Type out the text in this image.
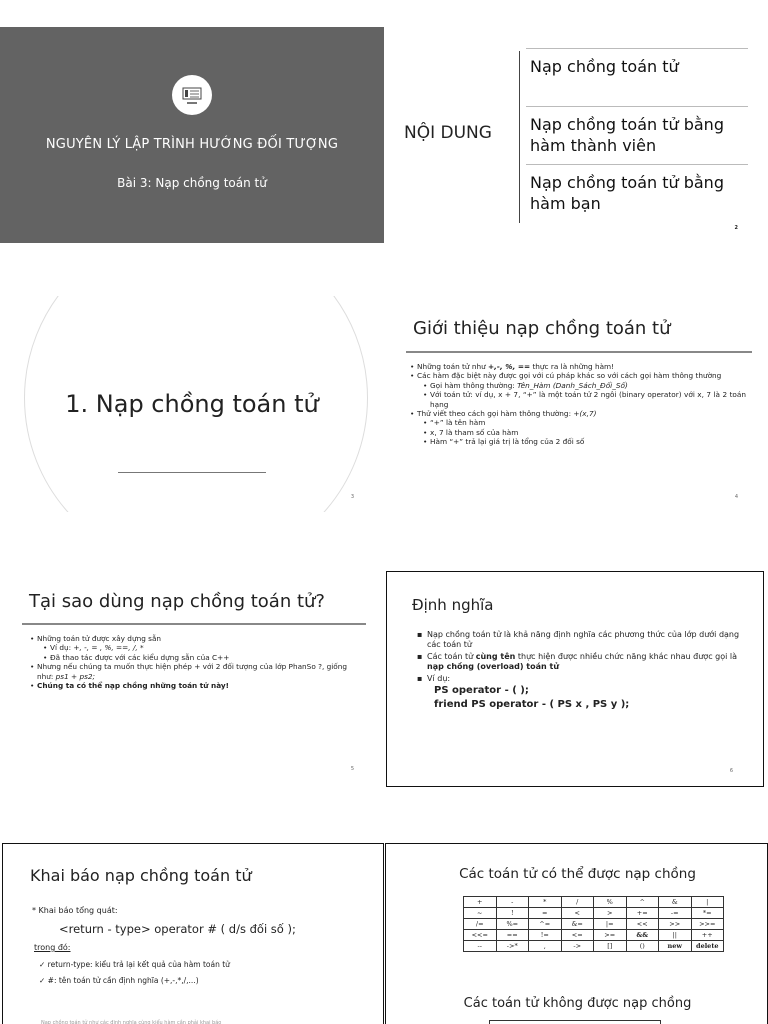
NGUYÊN LÝ LẬP TRÌNH HƯỚNG ĐỐI TƯỢNG
Bài 3: Nạp chồng toán tử
NỘI DUNG
Nạp chồng toán tử
Nạp chồng toán tử bằng hàm thành viên
Nạp chồng toán tử bằng hàm bạn
2
1. Nạp chồng toán tử
3
Giới thiệu nạp chồng toán tử
• Những toán tử như +,-, %, == thực ra là những hàm!
• Các hàm đặc biệt này được gọi với cú pháp khác so với cách gọi hàm thông thường
• Gọi hàm thông thường: Tên_Hàm (Danh_Sách_Đối_Số)
• Với toán tử: ví dụ, x + 7, “+” là một toán tử 2 ngôi (binary operator) với x, 7 là 2 toán hạng
• Thử viết theo cách gọi hàm thông thường: +(x,7)
• “+” là tên hàm
• x, 7 là tham số của hàm
• Hàm “+” trả lại giá trị là tổng của 2 đối số
4
Tại sao dùng nạp chồng toán tử?
• Những toán tử được xây dựng sẵn
• Ví dụ: +, -, = , %, ==, /, *
• Đã thao tác được với các kiểu dựng sẵn của C++
• Nhưng nếu chúng ta muốn thực hiện phép + với 2 đối tượng của lớp PhanSo ?, giống như: ps1 + ps2;
• Chúng ta có thể nạp chồng những toán tử này!
5
Định nghĩa
▪ Nạp chồng toán tử là khả năng định nghĩa các phương thức của lớp dưới dạng các toán tử
▪ Các toán tử cùng tên thực hiện được nhiều chức năng khác nhau được gọi là nạp chồng (overload) toán tử
▪ Ví dụ:
PS operator - ( );
friend PS operator - ( PS x , PS y );
6
Khai báo nạp chồng toán tử
* Khai báo tổng quát:
<return - type> operator # ( d/s đối số );
trong đó:
✓ return-type: kiểu trả lại kết quả của hàm toán tử
✓ #: tên toán tử cần định nghĩa (+,-,*,/,...)
Nạp chồng toán tử như các định nghĩa cùng kiểu hàm cần phải khai báo
Các toán tử có thể được nạp chồng
+	-	*	/	%	^	&	|
~	!	=	<	>	+=	-=	*=
/=	%=	^=	&=	|=	<<	>>	>>=
<<=	==	!=	<=	>=	&&	||	++
--	->*	,	->	[]	()	new	delete
Các toán tử không được nạp chồng
